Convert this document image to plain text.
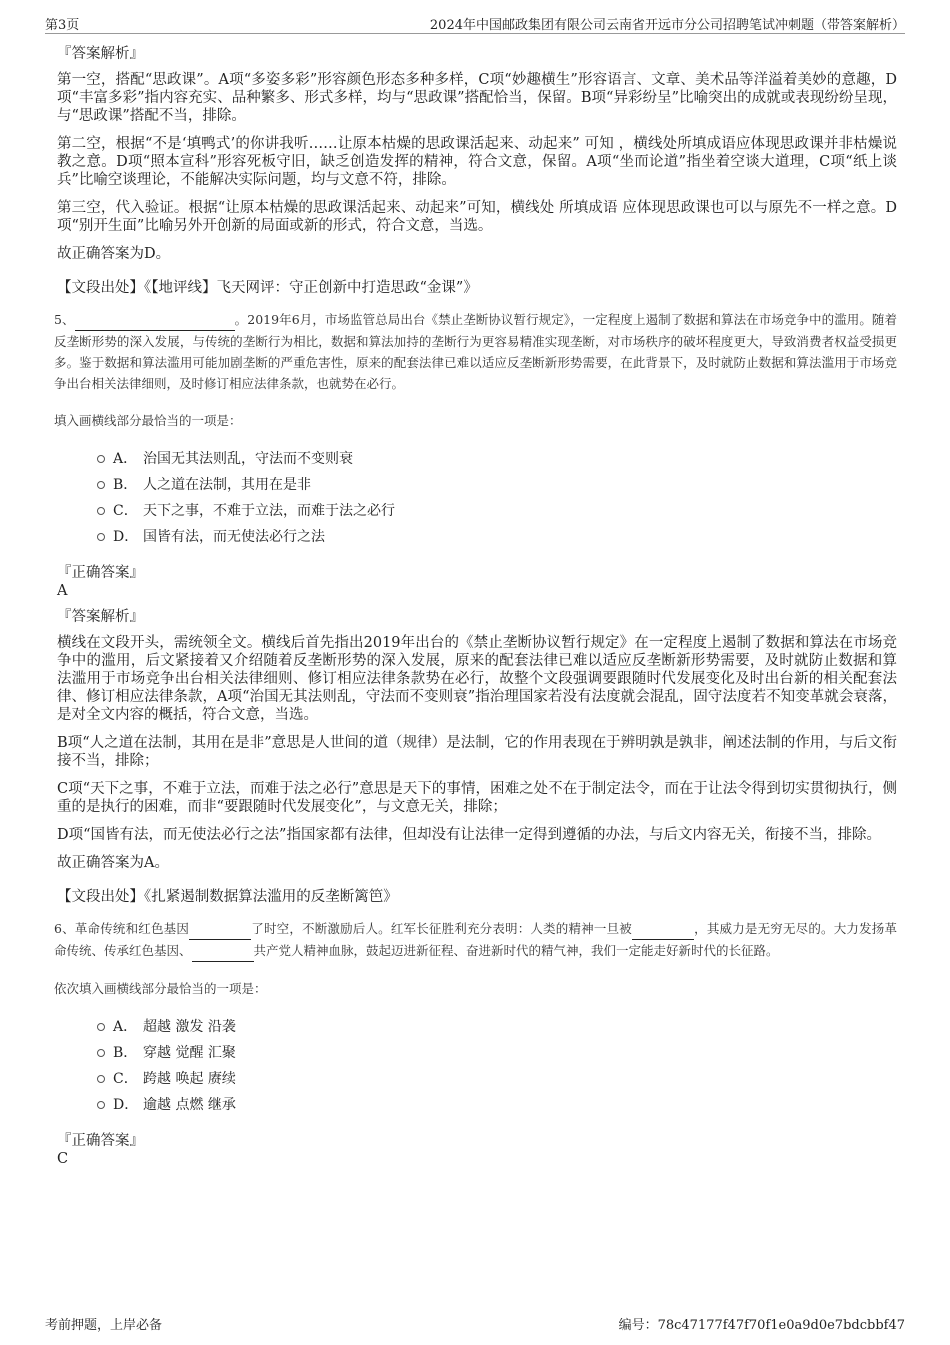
第3页	2024年中国邮政集团有限公司云南省开远市分公司招聘笔试冲刺题（带答案解析）
『答案解析』

第一空，搭配“思政课”。A项“多姿多彩”形容颜色形态多种多样，C项“妙趣横生”形容语言、文章、美术品等洋溢着美妙的意趣，D项“丰富多彩”指内容充实、品种繁多、形式多样，均与“思政课”搭配恰当，保留。B项“异彩纷呈”比喻突出的成就或表现纷纷呈现，与“思政课”搭配不当，排除。

第二空，根据“不是‘填鸭式’的你讲我听……让原本枯燥的思政课活起来、动起来” 可知 ，横线处所填成语应体现思政课并非枯燥说教之意。D项“照本宣科”形容死板守旧，缺乏创造发挥的精神，符合文意，保留。A项“坐而论道”指坐着空谈大道理，C项“纸上谈兵”比喻空谈理论，不能解决实际问题，均与文意不符，排除。

第三空，代入验证。根据“让原本枯燥的思政课活起来、动起来”可知，横线处 所填成语 应体现思政课也可以与原先不一样之意。D项“别开生面”比喻另外开创新的局面或新的形式，符合文意，当选。

故正确答案为D。

【文段出处】《【地评线】飞天网评：守正创新中打造思政“金课”》

5、	。2019年6月，市场监管总局出台《禁止垄断协议暂行规定》，一定程度上遏制了数据和算法在市场竞争中的滥用。随着反垄断形势的深入发展，与传统的垄断行为相比，数据和算法加持的垄断行为更容易精准实现垄断，对市场秩序的破坏程度更大，导致消费者权益受损更多。鉴于数据和算法滥用可能加剧垄断的严重危害性，原来的配套法律已难以适应反垄断新形势需要，在此背景下，及时就防止数据和算法滥用于市场竞争出台相关法律细则，及时修订相应法律条款，也就势在必行。

填入画横线部分最恰当的一项是：
A． 治国无其法则乱，守法而不变则衰
B． 人之道在法制，其用在是非
C． 天下之事，不难于立法，而难于法之必行
D． 国皆有法，而无使法必行之法
『正确答案』
A
『答案解析』

横线在文段开头，需统领全文。横线后首先指出2019年出台的《禁止垄断协议暂行规定》在一定程度上遏制了数据和算法在市场竞争中的滥用，后文紧接着又介绍随着反垄断形势的深入发展，原来的配套法律已难以适应反垄断新形势需要，及时就防止数据和算法滥用于市场竞争出台相关法律细则、修订相应法律条款势在必行，故整个文段强调要跟随时代发展变化及时出台新的相关配套法律、修订相应法律条款，A项“治国无其法则乱，守法而不变则衰”指治理国家若没有法度就会混乱，固守法度若不知变革就会衰落，是对全文内容的概括，符合文意，当选。

B项“人之道在法制，其用在是非”意思是人世间的道（规律）是法制，它的作用表现在于辨明孰是孰非，阐述法制的作用，与后文衔接不当，排除；

C项“天下之事，不难于立法，而难于法之必行”意思是天下的事情，困难之处不在于制定法令，而在于让法令得到切实贯彻执行，侧重的是执行的困难，而非“要跟随时代发展变化”，与文意无关，排除；

D项“国皆有法，而无使法必行之法”指国家都有法律，但却没有让法律一定得到遵循的办法，与后文内容无关，衔接不当，排除。

故正确答案为A。

【文段出处】《扎紧遏制数据算法滥用的反垄断篱笆》

6、革命传统和红色基因	了时空，不断激励后人。红军长征胜利充分表明：人类的精神一旦被	，其威力是无穷无尽的。大力发扬革命传统、传承红色基因、	共产党人精神血脉，鼓起迈进新征程、奋进新时代的精气神，我们一定能走好新时代的长征路。

依次填入画横线部分最恰当的一项是：
A． 超越 激发 沿袭
B． 穿越 觉醒 汇聚
C． 跨越 唤起 赓续
D． 逾越 点燃 继承
『正确答案』
C
考前押题，上岸必备	编号：78c47177f47f70f1e0a9d0e7bdcbbf47
